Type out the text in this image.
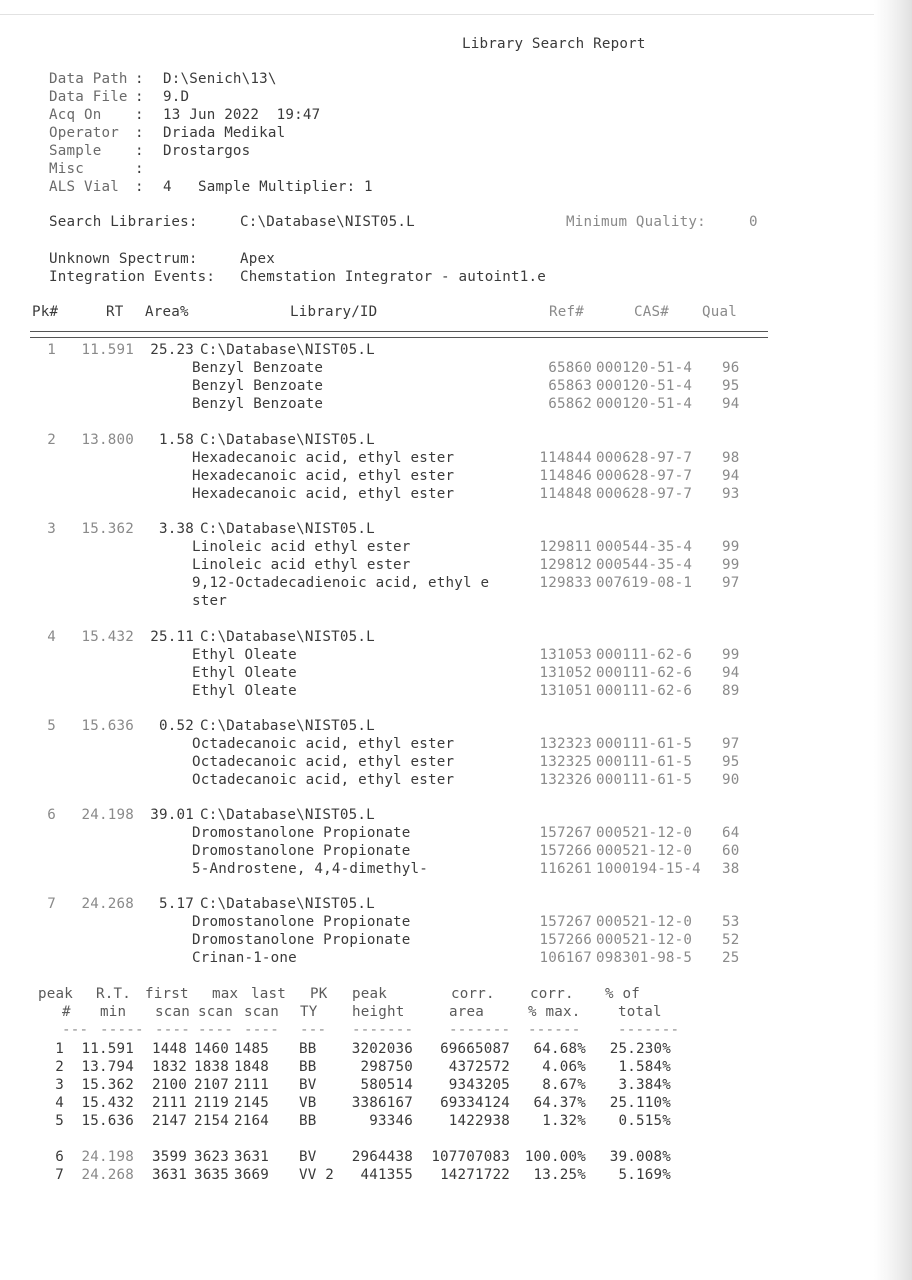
Library Search Report
Data Path D:\Senich\13\
:
Data File 9.D
:
Acq On	13 Jun 2022  19:47
:
Operator	Driada Medikal
:
Sample	Drostargos
:
Misc	:
ALS Vial	4   Sample Multiplier: 1
:
Search Libraries:	C:\Database\NIST05.L	Minimum Quality:	0
Unknown Spectrum:	Apex
Integration Events: Chemstation Integrator - autoint1.e
Pk#	RT Area%	Library/ID	Ref#	CAS# Qual
1	11.591	25.23 C:\Database\NIST05.L
Benzyl Benzoate	65860 000120-51-4 96
Benzyl Benzoate	65863 000120-51-4 95
Benzyl Benzoate	65862 000120-51-4 94
2	13.800	1.58 C:\Database\NIST05.L
Hexadecanoic acid, ethyl ester	114844 000628-97-7 98
Hexadecanoic acid, ethyl ester	114846 000628-97-7 94
Hexadecanoic acid, ethyl ester	114848 000628-97-7 93
3	15.362	3.38 C:\Database\NIST05.L
Linoleic acid ethyl ester	129811 000544-35-4 99
Linoleic acid ethyl ester	129812 000544-35-4 99
9,12-Octadecadienoic acid, ethyl e	129833 007619-08-1 97
ster
4	15.432	25.11 C:\Database\NIST05.L
Ethyl Oleate	131053 000111-62-6 99
Ethyl Oleate	131052 000111-62-6 94
Ethyl Oleate	131051 000111-62-6 89
5	15.636	0.52 C:\Database\NIST05.L
Octadecanoic acid, ethyl ester	132323 000111-61-5 97
Octadecanoic acid, ethyl ester	132325 000111-61-5 95
Octadecanoic acid, ethyl ester	132326 000111-61-5 90
6	24.198	39.01 C:\Database\NIST05.L
Dromostanolone Propionate	157267 000521-12-0 64
Dromostanolone Propionate	157266 000521-12-0 60
5-Androstene, 4,4-dimethyl-	116261 1000194-15-4 38
7	24.268	5.17 C:\Database\NIST05.L
Dromostanolone Propionate	157267 000521-12-0 53
Dromostanolone Propionate	157266 000521-12-0 52
Crinan-1-one	106167 098301-98-5 25
peak R.T. first max last PK peak	corr. corr. % of
# min scan scan scan TY height	area	% max.	total
--- ----- ---- ---- ---- --- -------	------- ------	-------
1	11.591	1448 1460 1485 BB	3202036	69665087	64.68%	25.230%
2	13.794	1832 1838 1848 BB	298750	4372572	4.06%	1.584%
3	15.362	2100 2107 2111 BV	580514	9343205	8.67%	3.384%
4	15.432	2111 2119 2145 VB	3386167	69334124	64.37%	25.110%
5	15.636	2147 2154 2164 BB	93346	1422938	1.32%	0.515%
6	24.198	3599 3623 3631 BV	2964438	107707083	100.00%	39.008%
7	24.268	3631 3635 3669 VV 2	441355	14271722	13.25%	5.169%
